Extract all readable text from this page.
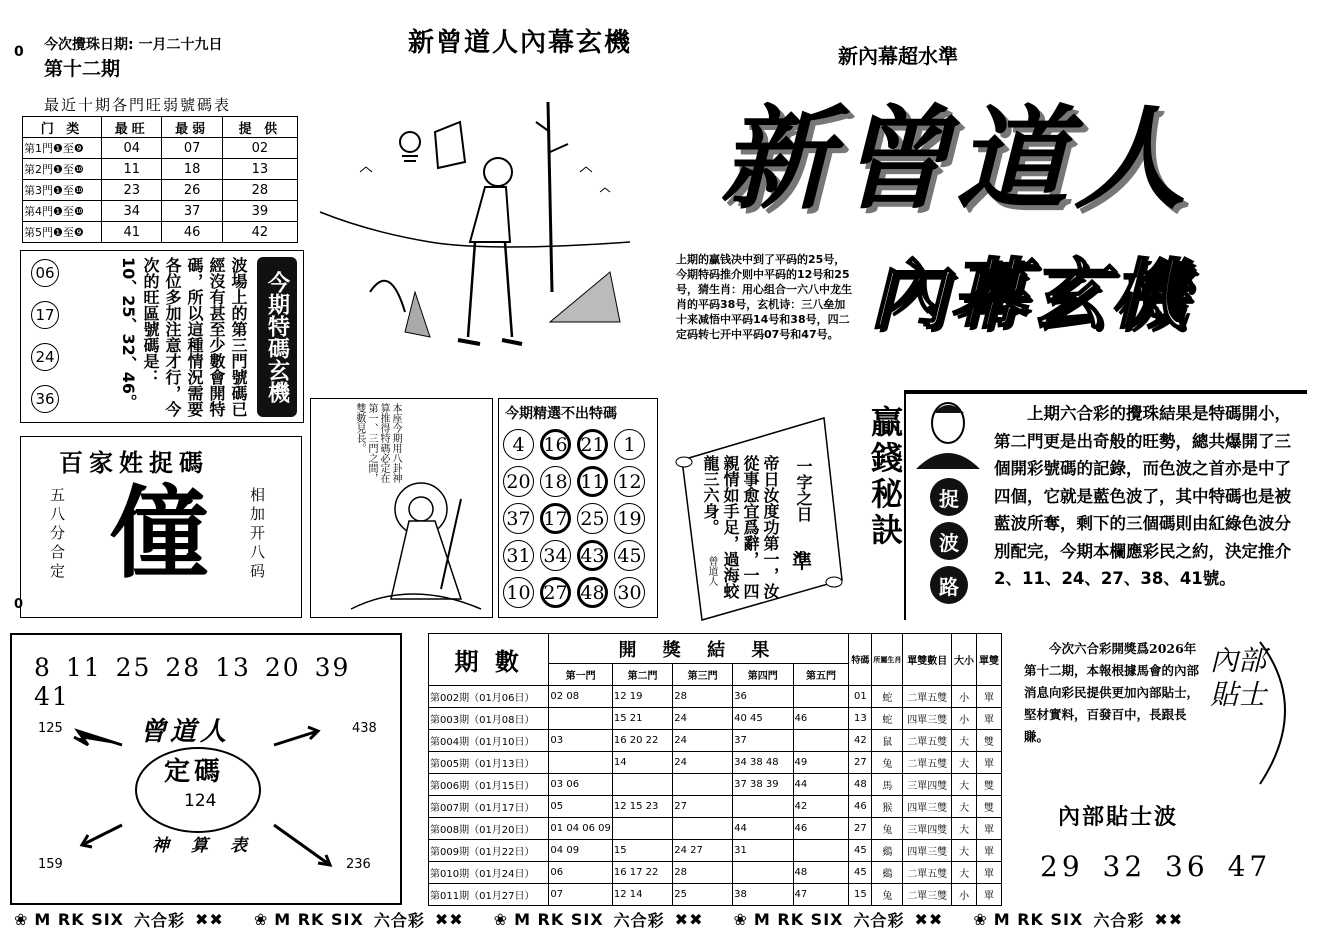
0 今次攪珠日期: 一月二十九日
第十二期
新曾道人內幕玄機	新內幕超水準
最近十期各門旺弱號碼表
门 类	最旺	最弱	提 供
第1門❶至❾	04	07	02
第2門❶至❿	11	18	13
第3門❶至❿	23	26	28
第4門❶至❿	34	37	39
第5門❶至❾	41	46	42
06
17
24
36	波場上的第三門號碼已經沒有甚至少數會開特碼，所以這種情況需要各位多加注意才行，今次的旺區號碼是：10、25、32、46。	今期特碼玄機
0
百家姓捉碼
五八分合定 僮	相加开八码
本座今期用八卦神算推得特碼必定在第一、三門之間，雙數見長。	今期精選不出特碼
4 16 21 1
20 18 11 12
37 17 25 19
31 34 43 45
10 27 48 30
新曾道人
內幕玄機
上期的贏钱决中到了平码的25号，今期特码推介则中平码的12号和25号，猜生肖：用心组合一六八中龙生肖的平码38号，玄机诗：三八垒加十来减悟中平码14号和38号，四二定码转七开中平码07号和47号。
帝日汝度功第一，汝從事愈宜爲辭，一四親情如手足，過海蛟龍三六身。	一字之日
準
曾道人
贏錢秘訣	捉
波
路
上期六合彩的攪珠結果是特碼開小，第二門更是出奇般的旺勢，總共爆開了三個開彩號碼的記錄，而色波之首亦是中了四個，它就是藍色波了，其中特碼也是被藍波所奪，剩下的三個碼則由紅綠色波分別配完，今期本欄應彩民之約，決定推介2、11、24、27、38、41號。
8 11 25 28 13 20 39 41
曾道人
定碼
124
125	438
159	236
神算表
期 數	開 獎 結 果					特碼	所屬生肖	單雙數目	大小	單雙
	第一門	第二門	第三門	第四門	第五門					
第002期（01月06日）	02 08	12 19	28	36		01	蛇	二單五雙	小	單
第003期（01月08日）		15 21	24	40 45	46	13	蛇	四單三雙	小	單
第004期（01月10日）	03	16 20 22	24	37		42	鼠	二單五雙	大	雙
第005期（01月13日）		14	24	34 38 48	49	27	兔	二單五雙	大	單
第006期（01月15日）	03 06			37 38 39	44	48	馬	三單四雙	大	雙
第007期（01月17日）	05	12 15 23	27		42	46	猴	四單三雙	大	雙
第008期（01月20日）	01 04 06 09			44	46	27	兔	三單四雙	大	單
第009期（01月22日）	04 09	15	24 27	31		45	鷄	四單三雙	大	單
第010期（01月24日）	06	16 17 22	28		48	45	鷄	二單五雙	大	單
第011期（01月27日）	07	12 14	25	38	47	15	兔	二單三雙	小	單
今次六合彩開獎爲2026年第十二期，本報根據馬會的內部消息向彩民提供更加內部貼士，堅材實料，百發百中，長跟長賺。
內部貼士
內部貼士波
29 32 36 47
❀ M RK SIX 六合彩 ✖✖ ❀ M RK SIX 六合彩 ✖✖ ❀ M RK SIX 六合彩 ✖✖ ❀ M RK SIX 六合彩 ✖✖ ❀ M RK SIX 六合彩 ✖✖
